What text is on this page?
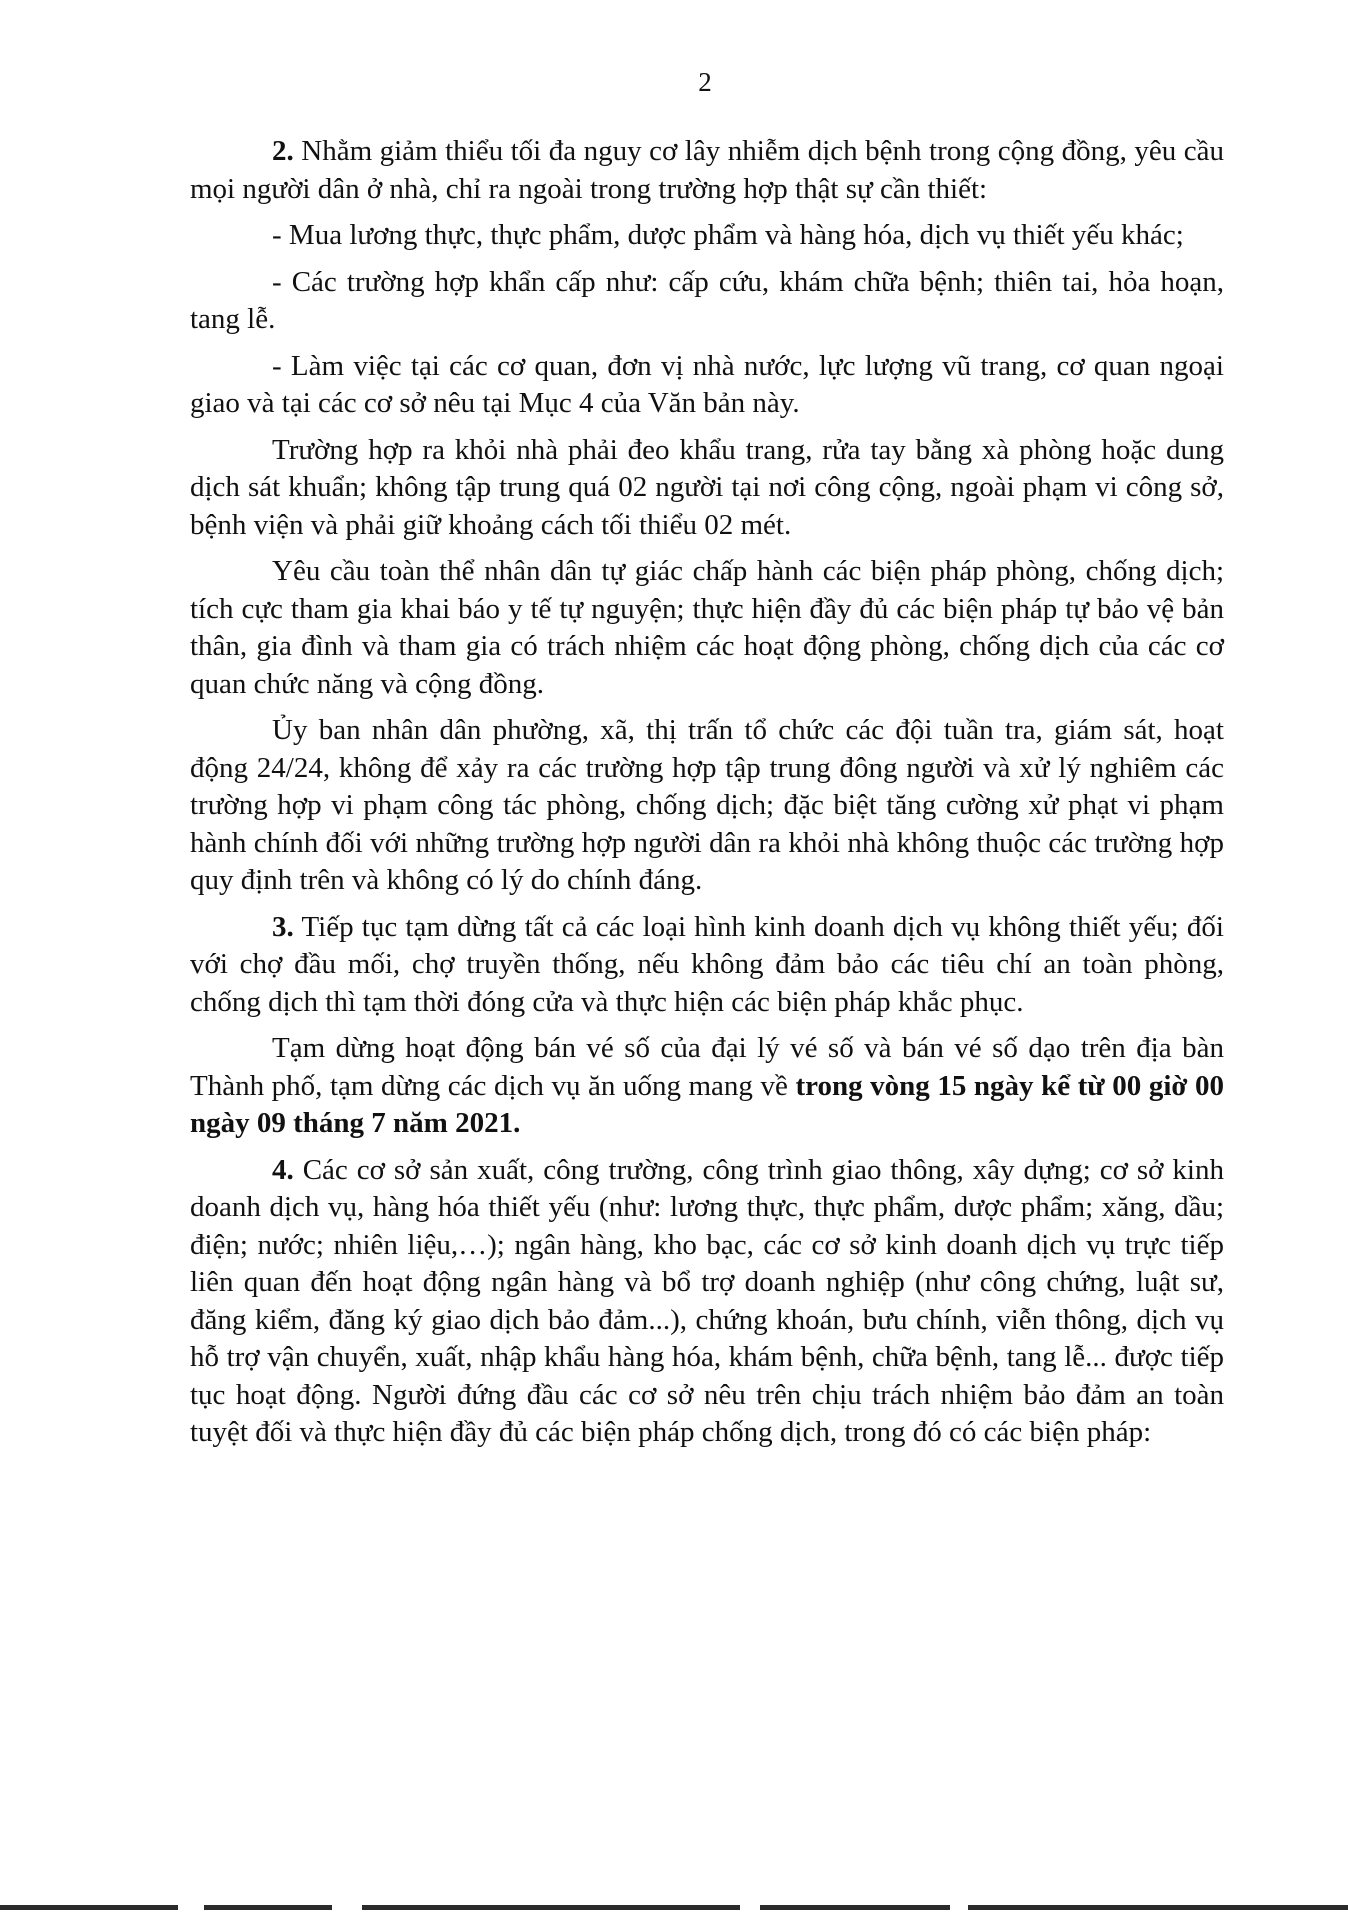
2

2. Nhằm giảm thiểu tối đa nguy cơ lây nhiễm dịch bệnh trong cộng đồng, yêu cầu mọi người dân ở nhà, chỉ ra ngoài trong trường hợp thật sự cần thiết:

- Mua lương thực, thực phẩm, dược phẩm và hàng hóa, dịch vụ thiết yếu khác;

- Các trường hợp khẩn cấp như: cấp cứu, khám chữa bệnh; thiên tai, hỏa hoạn, tang lễ.

- Làm việc tại các cơ quan, đơn vị nhà nước, lực lượng vũ trang, cơ quan ngoại giao và tại các cơ sở nêu tại Mục 4 của Văn bản này.

Trường hợp ra khỏi nhà phải đeo khẩu trang, rửa tay bằng xà phòng hoặc dung dịch sát khuẩn; không tập trung quá 02 người tại nơi công cộng, ngoài phạm vi công sở, bệnh viện và phải giữ khoảng cách tối thiểu 02 mét.

Yêu cầu toàn thể nhân dân tự giác chấp hành các biện pháp phòng, chống dịch; tích cực tham gia khai báo y tế tự nguyện; thực hiện đầy đủ các biện pháp tự bảo vệ bản thân, gia đình và tham gia có trách nhiệm các hoạt động phòng, chống dịch của các cơ quan chức năng và cộng đồng.

Ủy ban nhân dân phường, xã, thị trấn tổ chức các đội tuần tra, giám sát, hoạt động 24/24, không để xảy ra các trường hợp tập trung đông người và xử lý nghiêm các trường hợp vi phạm công tác phòng, chống dịch; đặc biệt tăng cường xử phạt vi phạm hành chính đối với những trường hợp người dân ra khỏi nhà không thuộc các trường hợp quy định trên và không có lý do chính đáng.

3. Tiếp tục tạm dừng tất cả các loại hình kinh doanh dịch vụ không thiết yếu; đối với chợ đầu mối, chợ truyền thống, nếu không đảm bảo các tiêu chí an toàn phòng, chống dịch thì tạm thời đóng cửa và thực hiện các biện pháp khắc phục.

Tạm dừng hoạt động bán vé số của đại lý vé số và bán vé số dạo trên địa bàn Thành phố, tạm dừng các dịch vụ ăn uống mang về trong vòng 15 ngày kể từ 00 giờ 00 ngày 09 tháng 7 năm 2021.

4. Các cơ sở sản xuất, công trường, công trình giao thông, xây dựng; cơ sở kinh doanh dịch vụ, hàng hóa thiết yếu (như: lương thực, thực phẩm, dược phẩm; xăng, dầu; điện; nước; nhiên liệu,…); ngân hàng, kho bạc, các cơ sở kinh doanh dịch vụ trực tiếp liên quan đến hoạt động ngân hàng và bổ trợ doanh nghiệp (như công chứng, luật sư, đăng kiểm, đăng ký giao dịch bảo đảm...), chứng khoán, bưu chính, viễn thông, dịch vụ hỗ trợ vận chuyển, xuất, nhập khẩu hàng hóa, khám bệnh, chữa bệnh, tang lễ... được tiếp tục hoạt động. Người đứng đầu các cơ sở nêu trên chịu trách nhiệm bảo đảm an toàn tuyệt đối và thực hiện đầy đủ các biện pháp chống dịch, trong đó có các biện pháp:
